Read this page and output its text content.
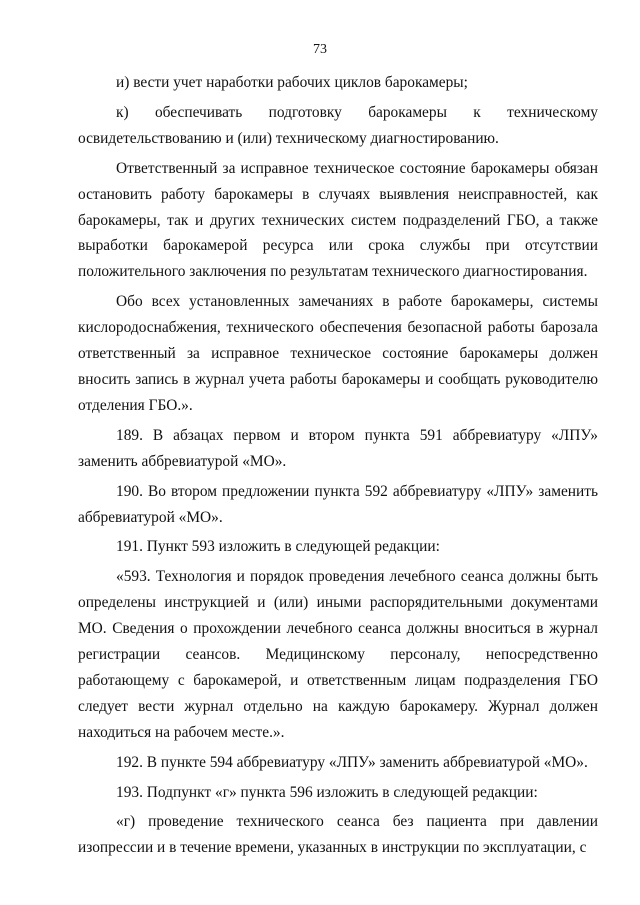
73

и) вести учет наработки рабочих циклов барокамеры;

к) обеспечивать подготовку барокамеры к техническому освидетельствованию и (или) техническому диагностированию.

Ответственный за исправное техническое состояние барокамеры обязан остановить работу барокамеры в случаях выявления неисправностей, как барокамеры, так и других технических систем подразделений ГБО, а также выработки барокамерой ресурса или срока службы при отсутствии положительного заключения по результатам технического диагностирования.

Обо всех установленных замечаниях в работе барокамеры, системы кислородоснабжения, технического обеспечения безопасной работы барозала ответственный за исправное техническое состояние барокамеры должен вносить запись в журнал учета работы барокамеры и сообщать руководителю отделения ГБО.».

189. В абзацах первом и втором пункта 591 аббревиатуру «ЛПУ» заменить аббревиатурой «МО».

190. Во втором предложении пункта 592 аббревиатуру «ЛПУ» заменить аббревиатурой «МО».

191. Пункт 593 изложить в следующей редакции:

«593. Технология и порядок проведения лечебного сеанса должны быть определены инструкцией и (или) иными распорядительными документами МО. Сведения о прохождении лечебного сеанса должны вноситься в журнал регистрации сеансов. Медицинскому персоналу, непосредственно работающему с барокамерой, и ответственным лицам подразделения ГБО следует вести журнал отдельно на каждую барокамеру. Журнал должен находиться на рабочем месте.».

192. В пункте 594 аббревиатуру «ЛПУ» заменить аббревиатурой «МО».

193. Подпункт «г» пункта 596 изложить в следующей редакции:

«г) проведение технического сеанса без пациента при давлении изопрессии и в течение времени, указанных в инструкции по эксплуатации, с
